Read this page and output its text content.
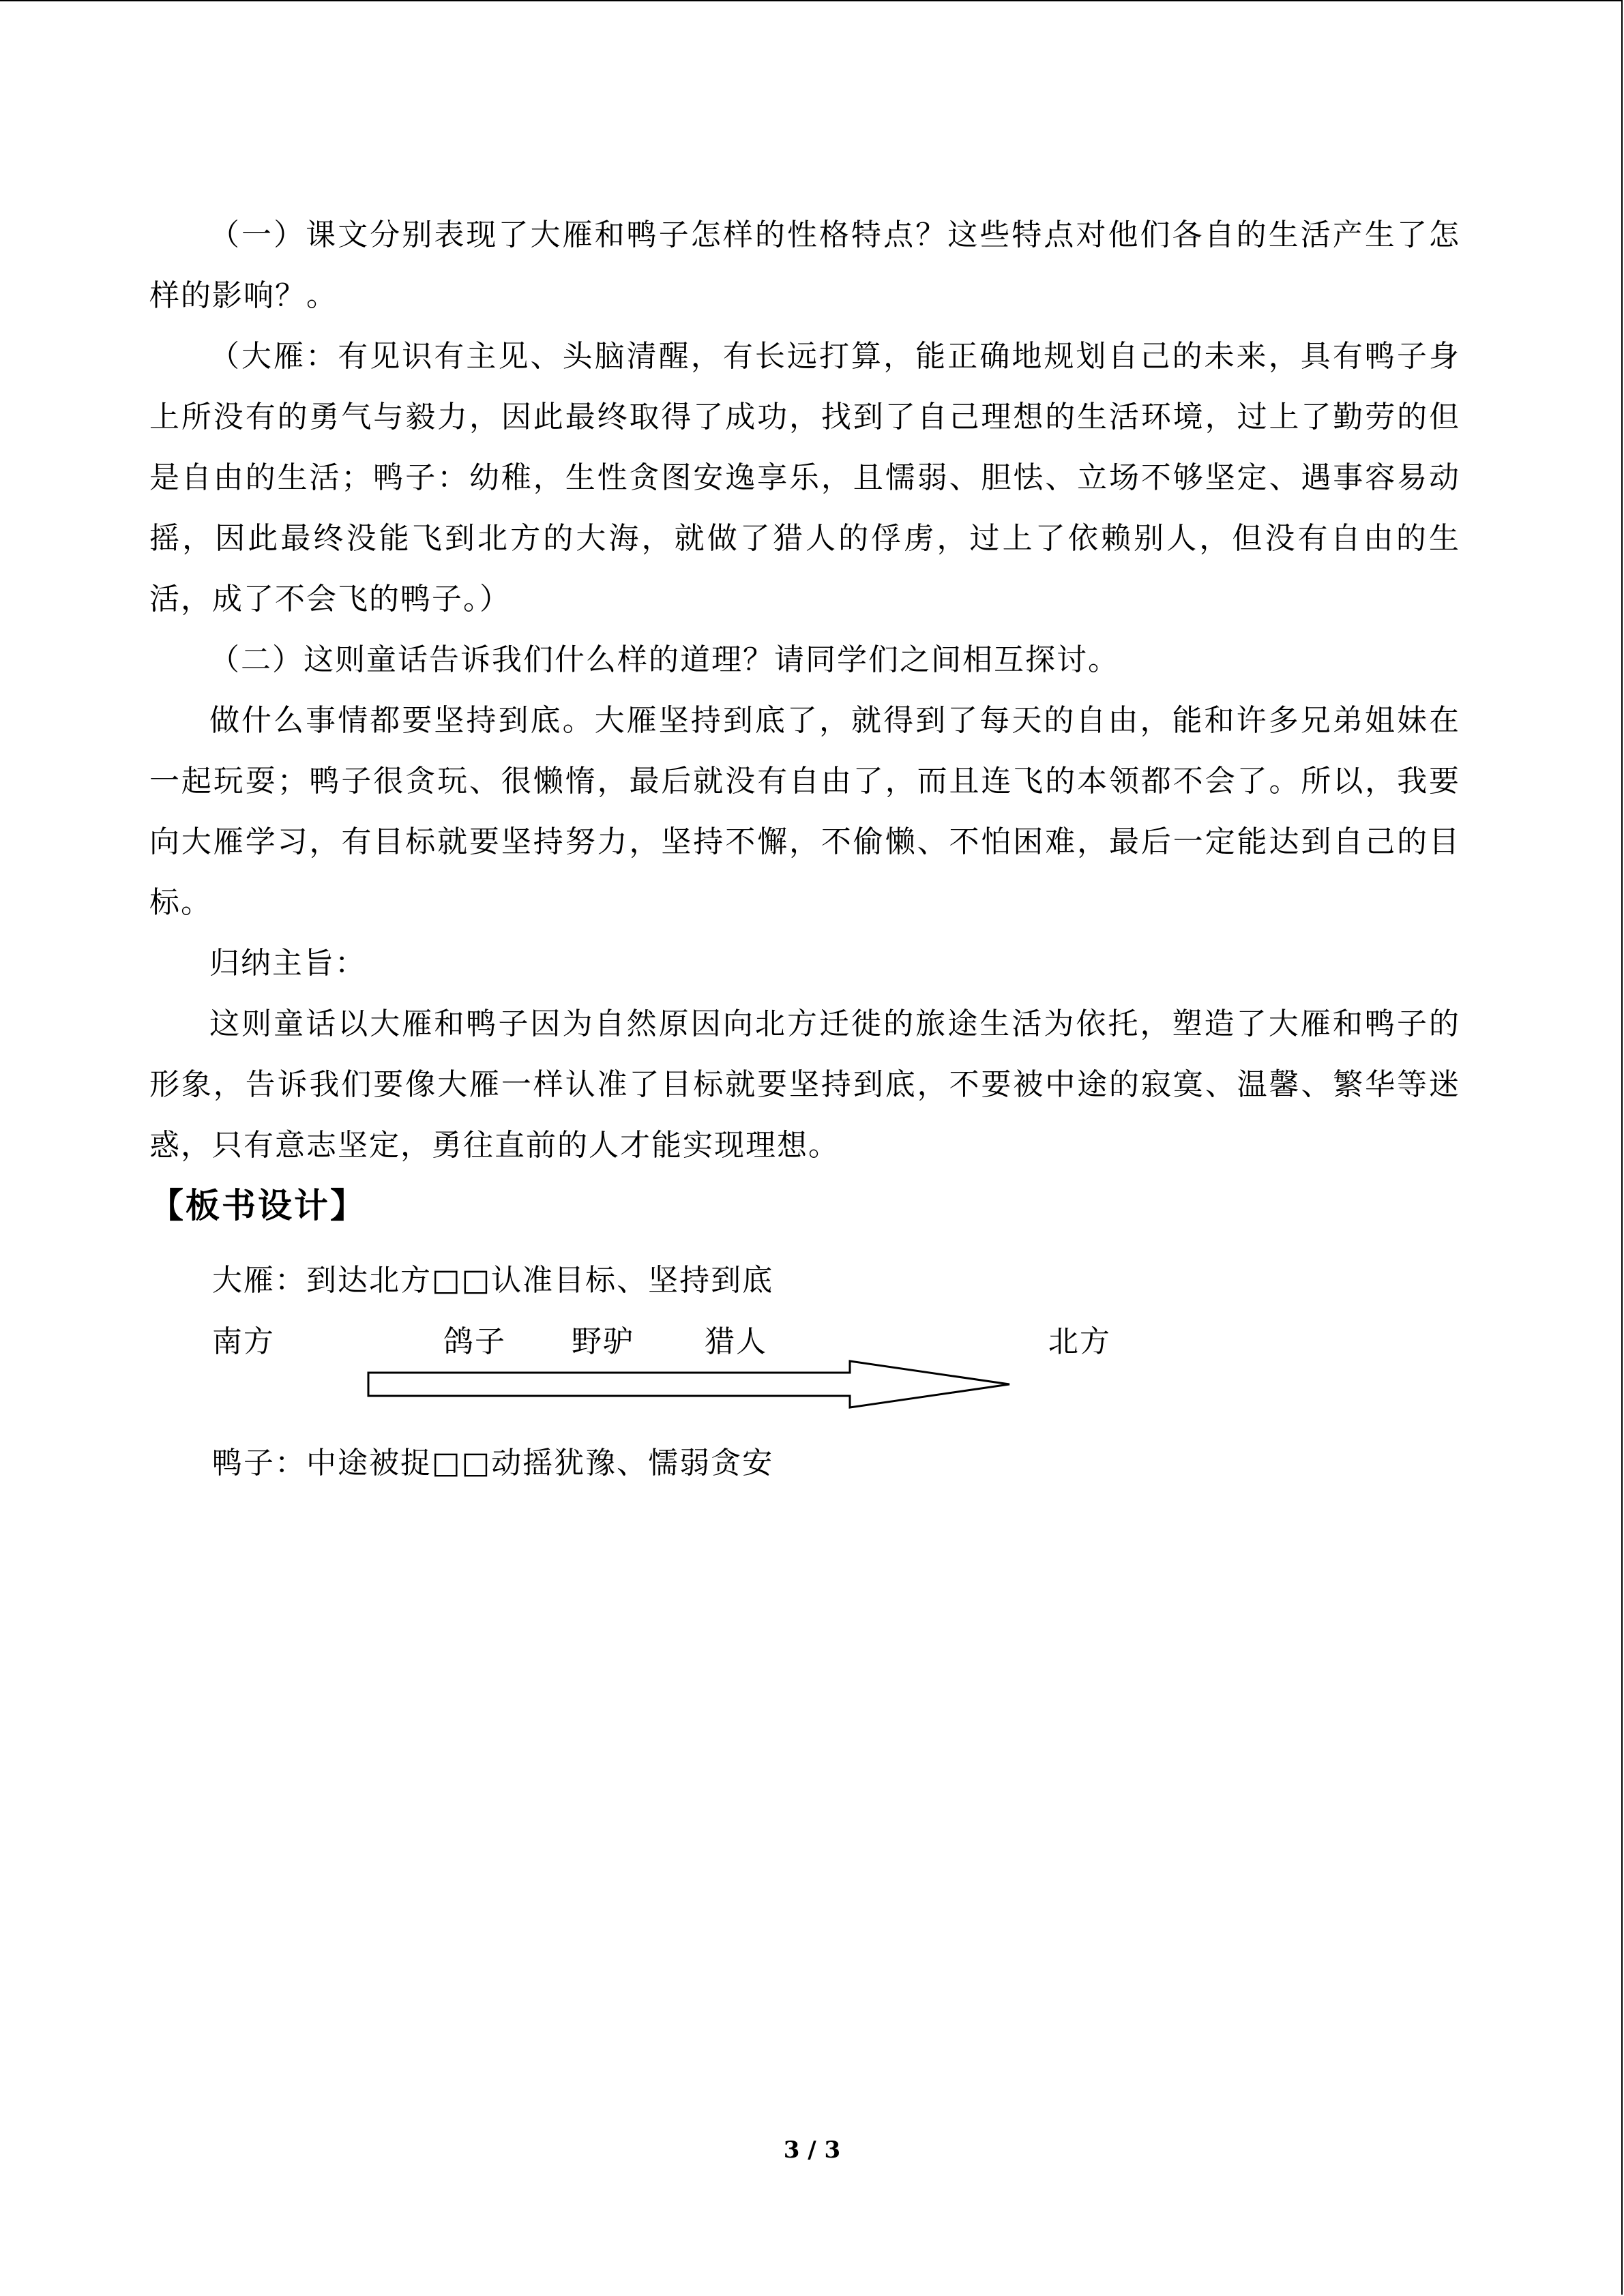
（一）课文分别表现了大雁和鸭子怎样的性格特点？这些特点对他们各自的生活产生了怎样的影响？。

（大雁：有见识有主见、头脑清醒，有长远打算，能正确地规划自己的未来，具有鸭子身上所没有的勇气与毅力，因此最终取得了成功，找到了自己理想的生活环境，过上了勤劳的但是自由的生活；鸭子：幼稚，生性贪图安逸享乐，且懦弱、胆怯、立场不够坚定、遇事容易动摇，因此最终没能飞到北方的大海，就做了猎人的俘虏，过上了依赖别人，但没有自由的生活，成了不会飞的鸭子。）

（二）这则童话告诉我们什么样的道理？请同学们之间相互探讨。

做什么事情都要坚持到底。大雁坚持到底了，就得到了每天的自由，能和许多兄弟姐妹在一起玩耍；鸭子很贪玩、很懒惰，最后就没有自由了，而且连飞的本领都不会了。所以，我要向大雁学习，有目标就要坚持努力，坚持不懈，不偷懒、不怕困难，最后一定能达到自己的目标。

归纳主旨：

这则童话以大雁和鸭子因为自然原因向北方迁徙的旅途生活为依托，塑造了大雁和鸭子的形象，告诉我们要像大雁一样认准了目标就要坚持到底，不要被中途的寂寞、温馨、繁华等迷惑，只有意志坚定，勇往直前的人才能实现理想。

【板书设计】
大雁：到达北方□□认准目标、坚持到底
南方	鸽子 野驴 猎人	北方
鸭子：中途被捉□□动摇犹豫、懦弱贪安
3 / 3
